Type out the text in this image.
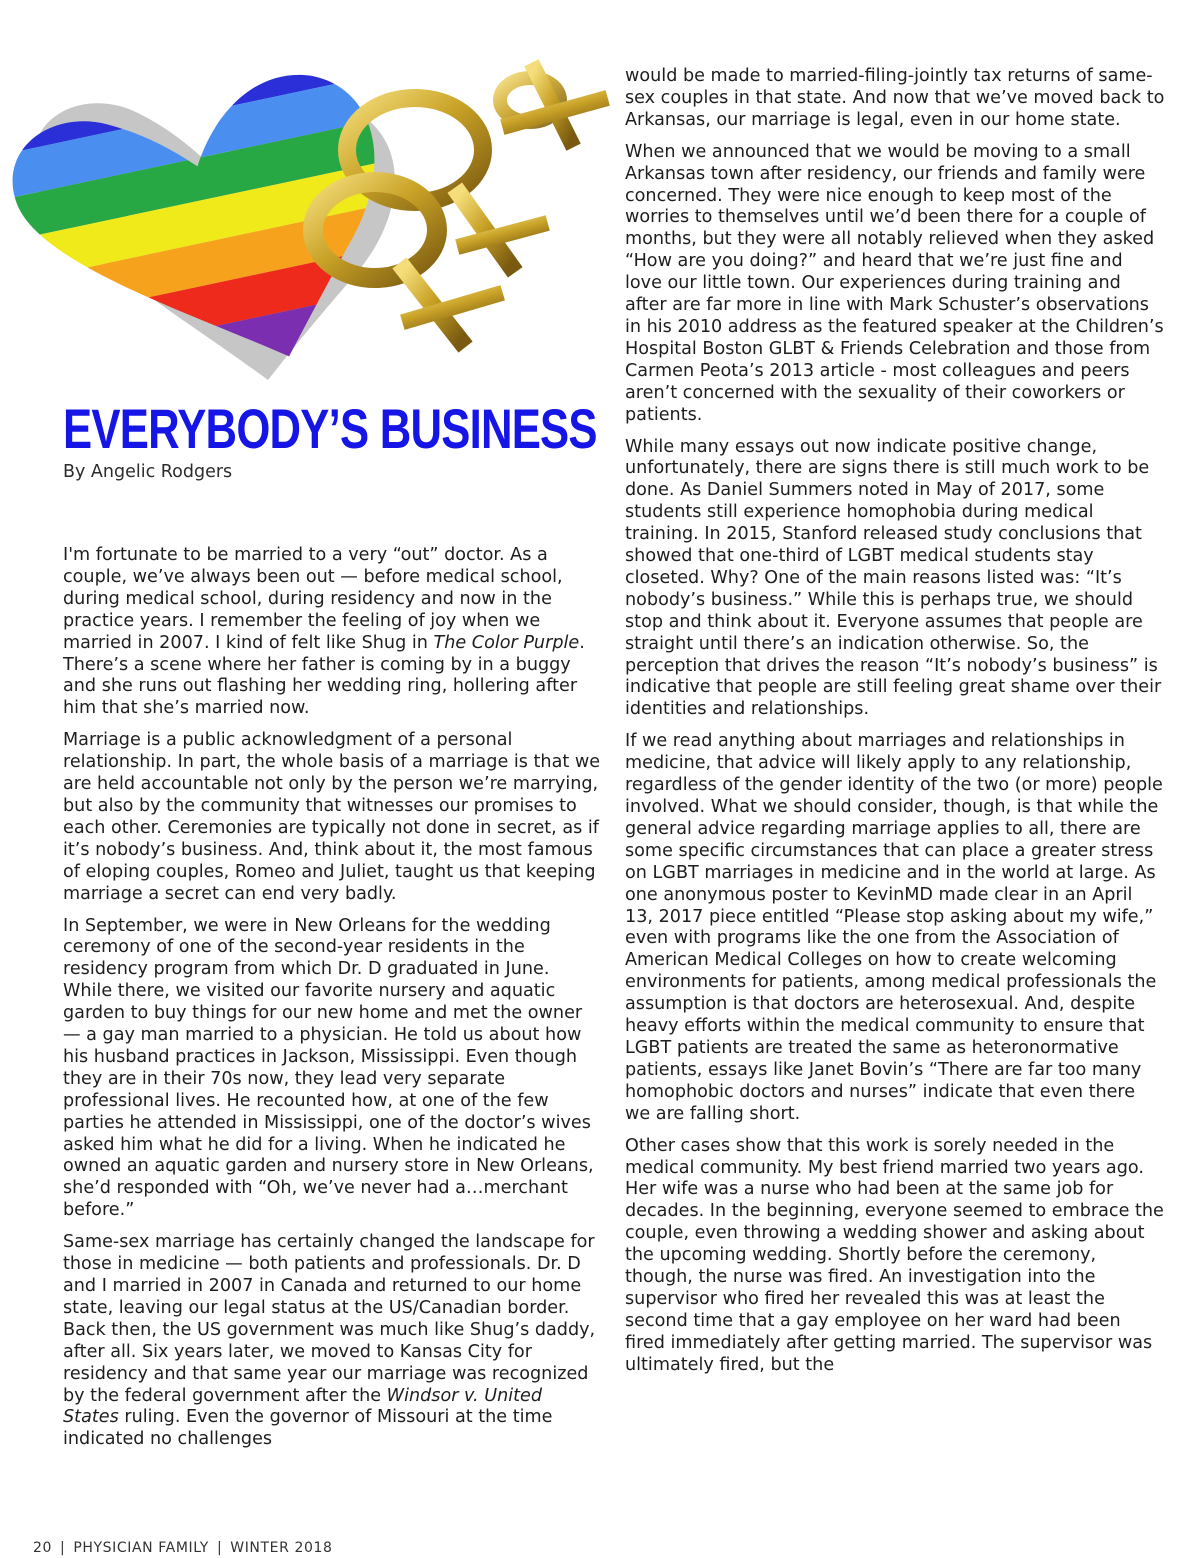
EVERYBODY’S BUSINESS
By Angelic Rodgers

I'm fortunate to be married to a very “out” doctor. As a couple, we’ve always been out — before medical school, during medical school, during residency and now in the practice years. I remember the feeling of joy when we married in 2007. I kind of felt like Shug in The Color Purple. There’s a scene where her father is coming by in a buggy and she runs out flashing her wedding ring, hollering after him that she’s married now.

Marriage is a public acknowledgment of a personal relationship. In part, the whole basis of a marriage is that we are held accountable not only by the person we’re marrying, but also by the community that witnesses our promises to each other. Ceremonies are typically not done in secret, as if it’s nobody’s business. And, think about it, the most famous of eloping couples, Romeo and Juliet, taught us that keeping marriage a secret can end very badly.

In September, we were in New Orleans for the wedding ceremony of one of the second-year residents in the residency program from which Dr. D graduated in June. While there, we visited our favorite nursery and aquatic garden to buy things for our new home and met the owner — a gay man married to a physician. He told us about how his husband practices in Jackson, Mississippi. Even though they are in their 70s now, they lead very separate professional lives. He recounted how, at one of the few parties he attended in Mississippi, one of the doctor’s wives asked him what he did for a living. When he indicated he owned an aquatic garden and nursery store in New Orleans, she’d responded with “Oh, we’ve never had a…merchant before.”

Same-sex marriage has certainly changed the landscape for those in medicine — both patients and professionals. Dr. D and I married in 2007 in Canada and returned to our home state, leaving our legal status at the US/Canadian border. Back then, the US government was much like Shug’s daddy, after all. Six years later, we moved to Kansas City for residency and that same year our marriage was recognized by the federal government after the Windsor v. United States ruling. Even the governor of Missouri at the time indicated no challenges

would be made to married-filing-jointly tax returns of same-sex couples in that state. And now that we’ve moved back to Arkansas, our marriage is legal, even in our home state.

When we announced that we would be moving to a small Arkansas town after residency, our friends and family were concerned. They were nice enough to keep most of the worries to themselves until we’d been there for a couple of months, but they were all notably relieved when they asked “How are you doing?” and heard that we’re just fine and love our little town. Our experiences during training and after are far more in line with Mark Schuster’s observations in his 2010 address as the featured speaker at the Children’s Hospital Boston GLBT & Friends Celebration and those from Carmen Peota’s 2013 article - most colleagues and peers aren’t concerned with the sexuality of their coworkers or patients.

While many essays out now indicate positive change, unfortunately, there are signs there is still much work to be done. As Daniel Summers noted in May of 2017, some students still experience homophobia during medical training. In 2015, Stanford released study conclusions that showed that one-third of LGBT medical students stay closeted. Why? One of the main reasons listed was: “It’s nobody’s business.” While this is perhaps true, we should stop and think about it. Everyone assumes that people are straight until there’s an indication otherwise. So, the perception that drives the reason “It’s nobody’s business” is indicative that people are still feeling great shame over their identities and relationships.

If we read anything about marriages and relationships in medicine, that advice will likely apply to any relationship, regardless of the gender identity of the two (or more) people involved. What we should consider, though, is that while the general advice regarding marriage applies to all, there are some specific circumstances that can place a greater stress on LGBT marriages in medicine and in the world at large. As one anonymous poster to KevinMD made clear in an April 13, 2017 piece entitled “Please stop asking about my wife,” even with programs like the one from the Association of American Medical Colleges on how to create welcoming environments for patients, among medical professionals the assumption is that doctors are heterosexual. And, despite heavy efforts within the medical community to ensure that LGBT patients are treated the same as heteronormative patients, essays like Janet Bovin’s “There are far too many homophobic doctors and nurses” indicate that even there we are falling short.

Other cases show that this work is sorely needed in the medical community. My best friend married two years ago. Her wife was a nurse who had been at the same job for decades. In the beginning, everyone seemed to embrace the couple, even throwing a wedding shower and asking about the upcoming wedding. Shortly before the ceremony, though, the nurse was fired. An investigation into the supervisor who fired her revealed this was at least the second time that a gay employee on her ward had been fired immediately after getting married. The supervisor was ultimately fired, but the

20 | PHYSICIAN FAMILY | WINTER 2018
